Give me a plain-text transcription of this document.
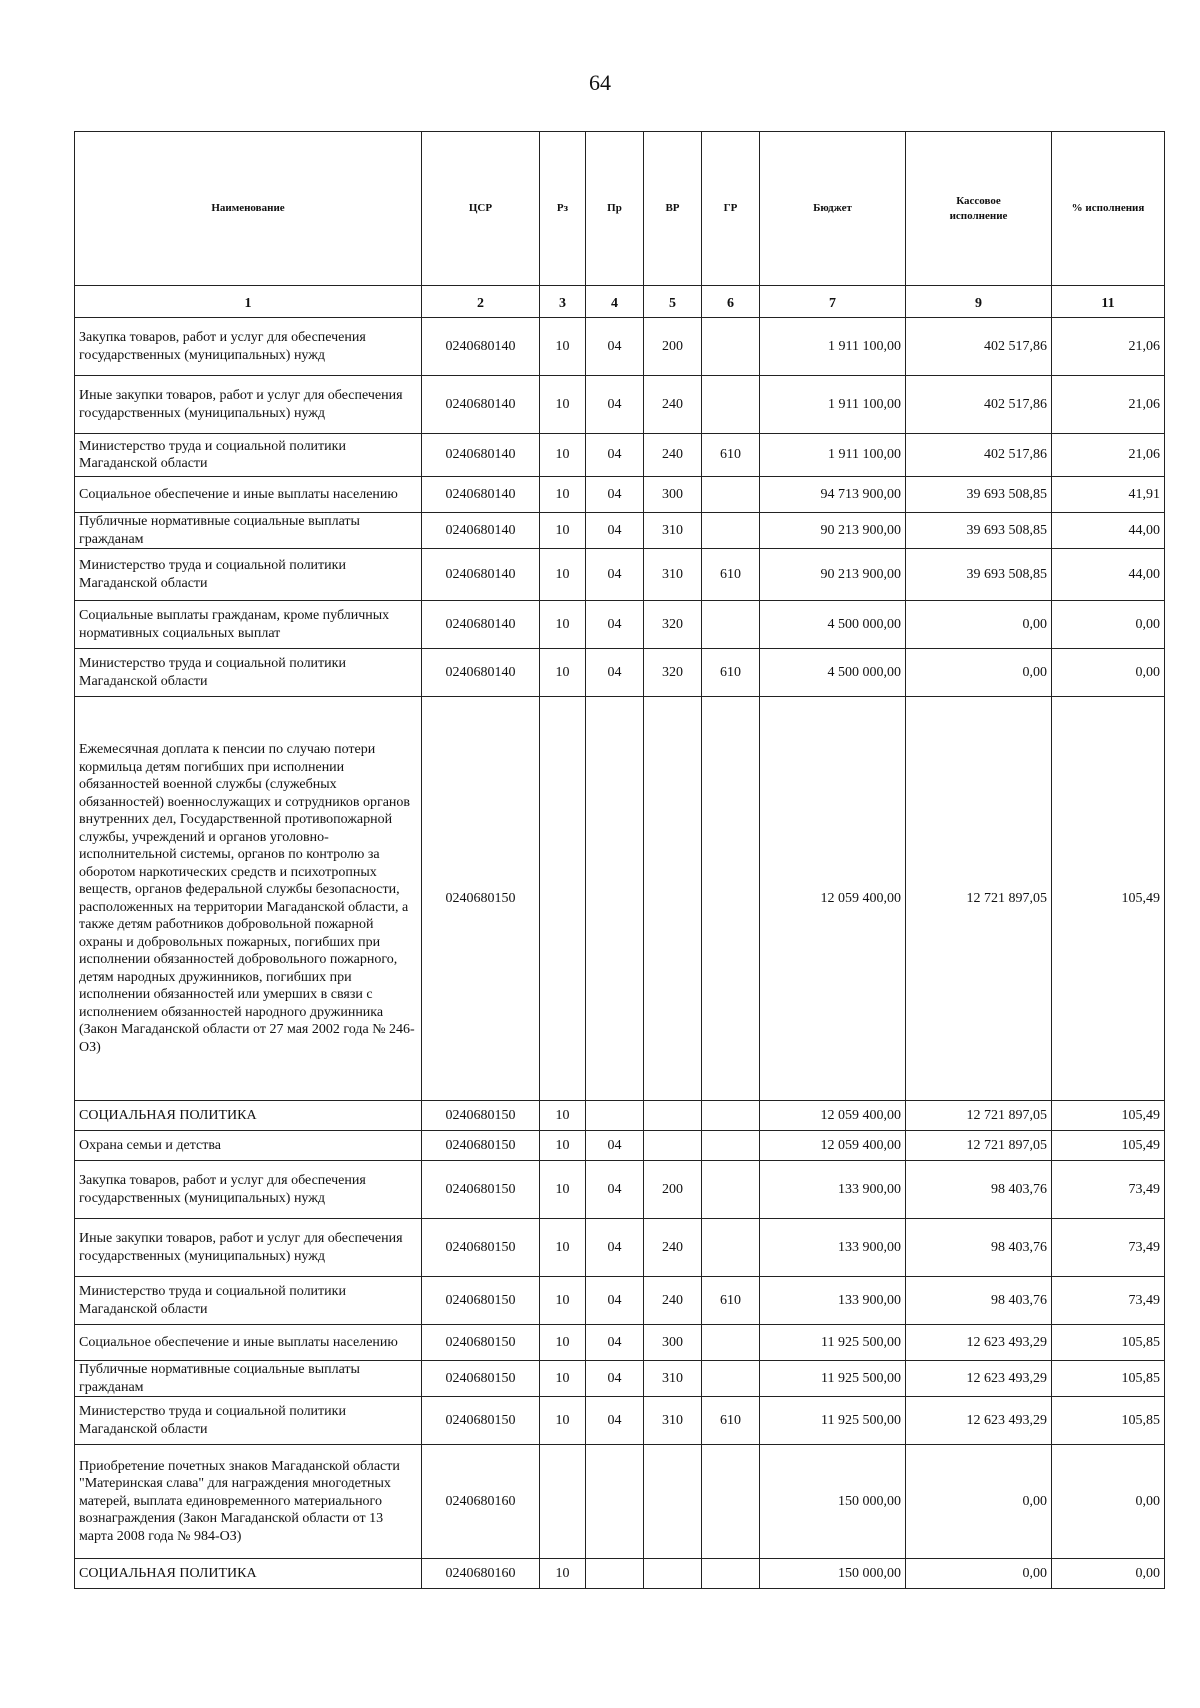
64
Наименование	ЦСР	Рз	Пр	ВР	ГР	Бюджет	Кассовое исполнение	% исполнения
1	2	3	4	5	6	7	9	11
Закупка товаров, работ и услуг для обеспечения государственных (муниципальных) нужд	0240680140	10	04	200		1 911 100,00	402 517,86	21,06
Иные закупки товаров, работ и услуг для обеспечения государственных (муниципальных) нужд	0240680140	10	04	240		1 911 100,00	402 517,86	21,06
Министерство труда и социальной политики Магаданской области	0240680140	10	04	240	610	1 911 100,00	402 517,86	21,06
Социальное обеспечение и иные выплаты населению	0240680140	10	04	300		94 713 900,00	39 693 508,85	41,91
Публичные нормативные социальные выплаты гражданам	0240680140	10	04	310		90 213 900,00	39 693 508,85	44,00
Министерство труда и социальной политики Магаданской области	0240680140	10	04	310	610	90 213 900,00	39 693 508,85	44,00
Социальные выплаты гражданам, кроме публичных нормативных социальных выплат	0240680140	10	04	320		4 500 000,00	0,00	0,00
Министерство труда и социальной политики Магаданской области	0240680140	10	04	320	610	4 500 000,00	0,00	0,00
Ежемесячная доплата к пенсии по случаю потери кормильца детям погибших при исполнении обязанностей военной службы (служебных обязанностей) военнослужащих и сотрудников органов внутренних дел, Государственной противопожарной службы, учреждений и органов уголовно-исполнительной системы, органов по контролю за оборотом наркотических средств и психотропных веществ, органов федеральной службы безопасности, расположенных на территории Магаданской области, а также детям работников добровольной пожарной охраны и добровольных пожарных, погибших при исполнении обязанностей добровольного пожарного, детям народных дружинников, погибших при исполнении обязанностей или умерших в связи с исполнением обязанностей народного дружинника (Закон Магаданской области от 27 мая 2002 года № 246-ОЗ)	0240680150					12 059 400,00	12 721 897,05	105,49
СОЦИАЛЬНАЯ ПОЛИТИКА	0240680150	10				12 059 400,00	12 721 897,05	105,49
Охрана семьи и детства	0240680150	10	04			12 059 400,00	12 721 897,05	105,49
Закупка товаров, работ и услуг для обеспечения государственных (муниципальных) нужд	0240680150	10	04	200		133 900,00	98 403,76	73,49
Иные закупки товаров, работ и услуг для обеспечения государственных (муниципальных) нужд	0240680150	10	04	240		133 900,00	98 403,76	73,49
Министерство труда и социальной политики Магаданской области	0240680150	10	04	240	610	133 900,00	98 403,76	73,49
Социальное обеспечение и иные выплаты населению	0240680150	10	04	300		11 925 500,00	12 623 493,29	105,85
Публичные нормативные социальные выплаты гражданам	0240680150	10	04	310		11 925 500,00	12 623 493,29	105,85
Министерство труда и социальной политики Магаданской области	0240680150	10	04	310	610	11 925 500,00	12 623 493,29	105,85
Приобретение почетных знаков Магаданской области "Материнская слава" для награждения многодетных матерей, выплата единовременного материального вознаграждения (Закон Магаданской области от 13 марта 2008 года № 984-ОЗ)	0240680160					150 000,00	0,00	0,00
СОЦИАЛЬНАЯ ПОЛИТИКА	0240680160	10				150 000,00	0,00	0,00
